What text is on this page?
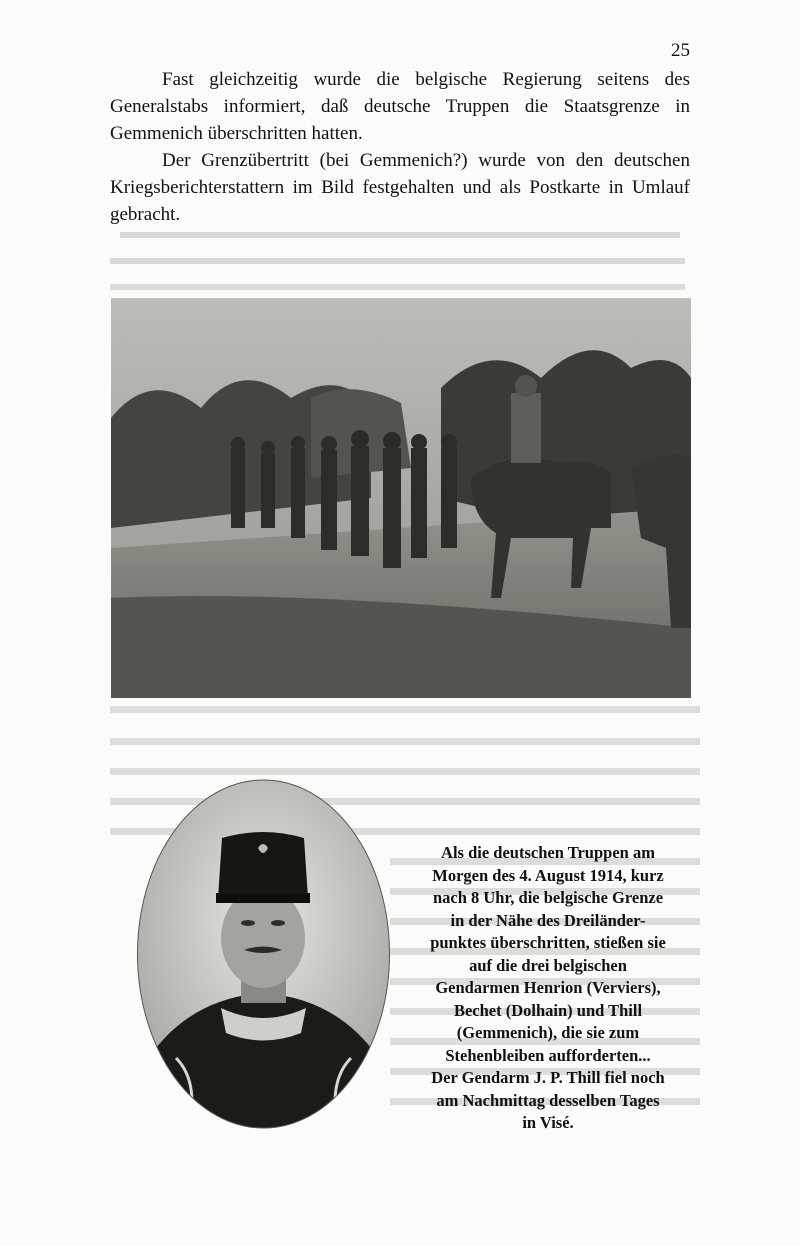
25

Fast gleichzeitig wurde die belgische Regierung seitens des Generalstabs informiert, daß deutsche Truppen die Staatsgrenze in Gemmenich überschritten hatten.

Der Grenzübertritt (bei Gemmenich?) wurde von den deutschen Kriegsberichterstattern im Bild festgehalten und als Postkarte in Umlauf gebracht.

Als die deutschen Truppen am
Morgen des 4. August 1914, kurz
nach 8 Uhr, die belgische Grenze
in der Nähe des Dreiländer-
punktes überschritten, stießen sie
auf die drei belgischen
Gendarmen Henrion (Verviers),
Bechet (Dolhain) und Thill
(Gemmenich), die sie zum
Stehenbleiben aufforderten...
Der Gendarm J. P. Thill fiel noch
am Nachmittag desselben Tages
in Visé.
